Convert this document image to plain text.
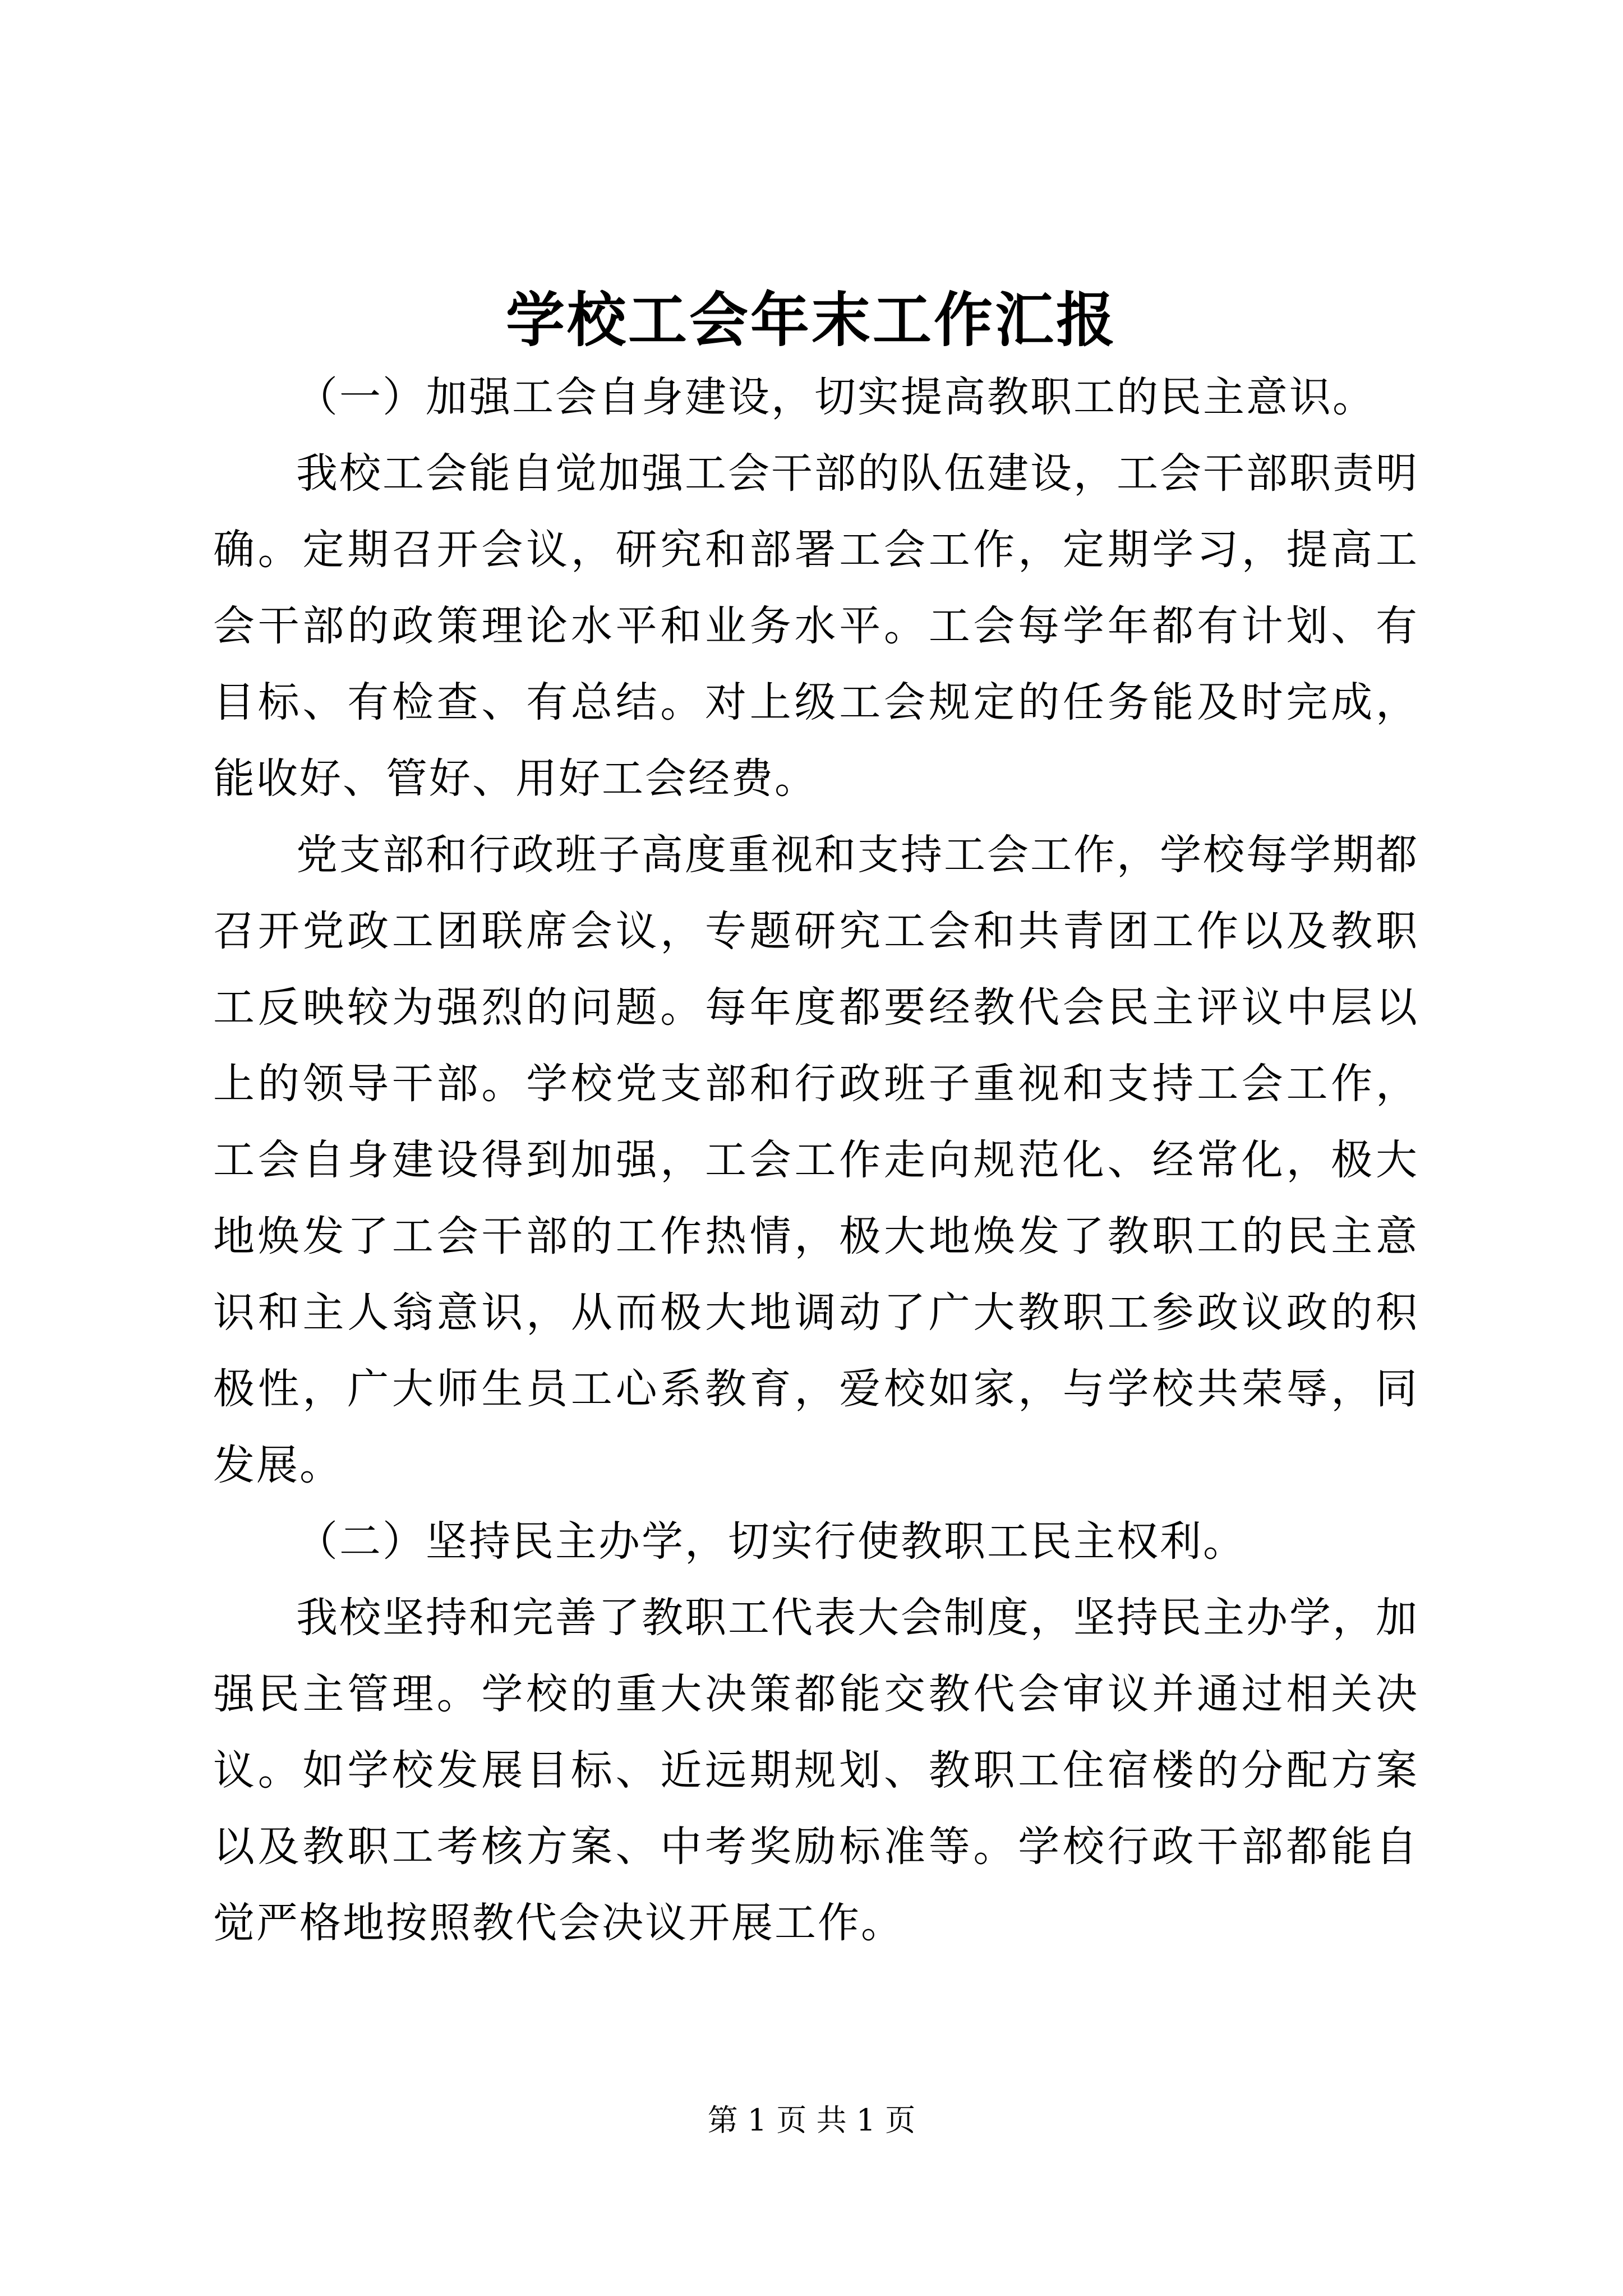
学校工会年末工作汇报

（一）加强工会自身建设，切实提高教职工的民主意识。

我校工会能自觉加强工会干部的队伍建设，工会干部职责明确。定期召开会议，研究和部署工会工作，定期学习，提高工会干部的政策理论水平和业务水平。工会每学年都有计划、有目标、有检查、有总结。对上级工会规定的任务能及时完成，能收好、管好、用好工会经费。

党支部和行政班子高度重视和支持工会工作，学校每学期都召开党政工团联席会议，专题研究工会和共青团工作以及教职工反映较为强烈的问题。每年度都要经教代会民主评议中层以上的领导干部。学校党支部和行政班子重视和支持工会工作，工会自身建设得到加强，工会工作走向规范化、经常化，极大地焕发了工会干部的工作热情，极大地焕发了教职工的民主意识和主人翁意识，从而极大地调动了广大教职工参政议政的积极性，广大师生员工心系教育，爱校如家，与学校共荣辱，同发展。

（二）坚持民主办学，切实行使教职工民主权利。

我校坚持和完善了教职工代表大会制度，坚持民主办学，加强民主管理。学校的重大决策都能交教代会审议并通过相关决议。如学校发展目标、近远期规划、教职工住宿楼的分配方案以及教职工考核方案、中考奖励标准等。学校行政干部都能自觉严格地按照教代会决议开展工作。

第 1 页 共 1 页
